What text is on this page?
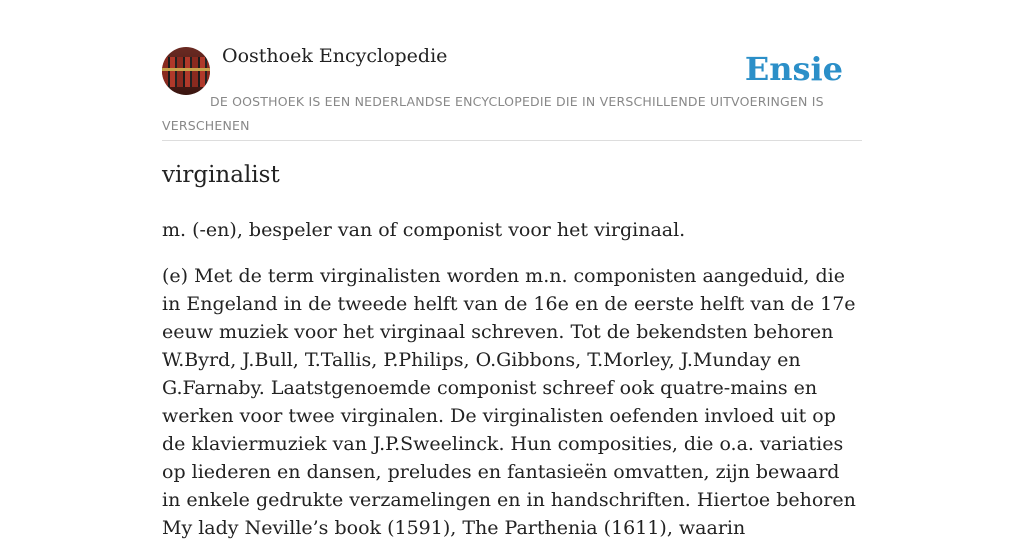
Oosthoek Encyclopedie	Ensie
DE OOSTHOEK IS EEN NEDERLANDSE ENCYCLOPEDIE DIE IN VERSCHILLENDE UITVOERINGEN IS VERSCHENEN
virginalist

m. (-en), bespeler van of componist voor het virginaal.

(e) Met de term virginalisten worden m.n. componisten aangeduid, die in Engeland in de tweede helft van de 16e en de eerste helft van de 17e eeuw muziek voor het virginaal schreven. Tot de bekendsten behoren W.Byrd, J.Bull, T.Tallis, P.Philips, O.Gibbons, T.Morley, J.Munday en G.Farnaby. Laatstgenoemde componist schreef ook quatre-mains en werken voor twee virginalen. De virginalisten oefenden invloed uit op de klaviermuziek van J.P.Sweelinck. Hun composities, die o.a. variaties op liederen en dansen, preludes en fantasieën omvatten, zijn bewaard in enkele gedrukte verzamelingen en in handschriften. Hiertoe behoren My lady Neville’s book (1591), The Parthenia (1611), waarin
